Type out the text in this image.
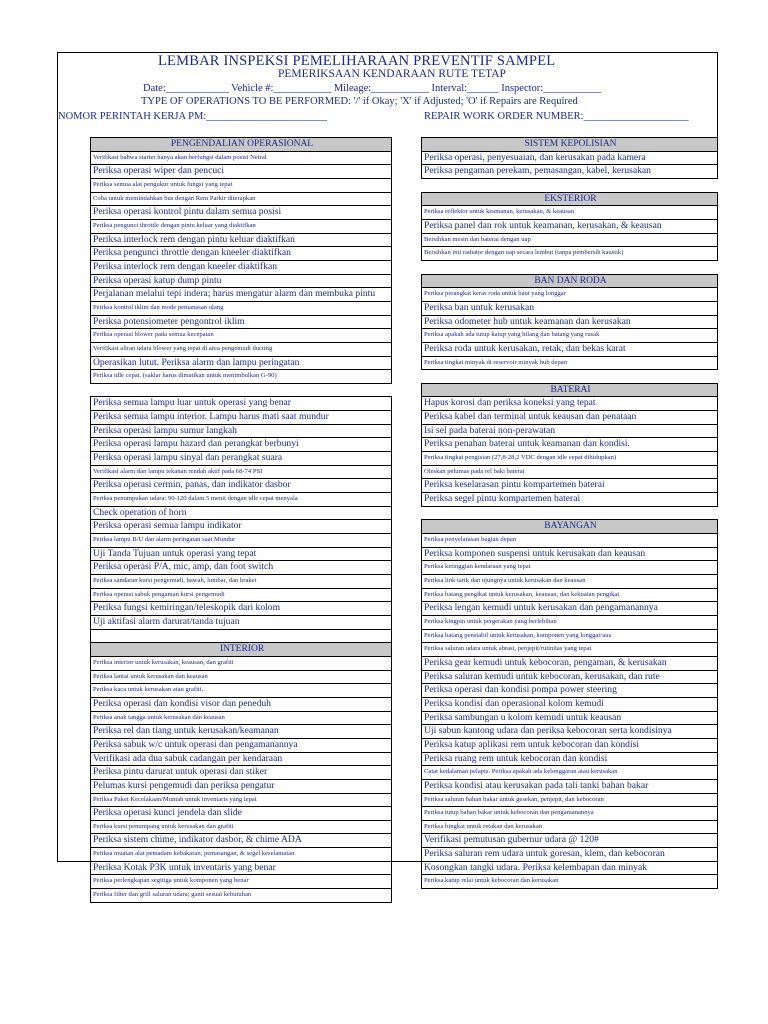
LEMBAR INSPEKSI PEMELIHARAAN PREVENTIF SAMPEL
PEMERIKSAAN KENDARAAN RUTE TETAP
Date:____________ Vehicle #:___________ Mileage:___________ Interval:______ Inspector:___________
TYPE OF OPERATIONS TO BE PERFORMED: '/' if Okay; 'X' if Adjusted; 'O' if Repairs are Required
NOMOR PERINTAH KERJA PM:_______________________	REPAIR WORK ORDER NUMBER:____________________
PENGENDALIAN OPERASIONAL
Verifikasi bahwa starter hanya akan berfungsi dalam posisi Netral
Periksa operasi wiper dan pencuci
Periksa semua alat pengukur untuk fungsi yang tepat
Coba untuk memindahkan bus dengan Rem Parkir diterapkan
Periksa operasi kontrol pintu dalam semua posisi
Periksa pengunci throttle dengan pintu keluar yang diaktifkan
Periksa interlock rem dengan pintu keluar diaktifkan
Periksa pengunci throttle dengan kneeler diaktifkan
Periksa interlock rem dengan kneeler diaktifkan
Periksa operasi katup dump pintu
Perjalanan melalui tepi indera; harus mengatur alarm dan membuka pintu
Periksa kontrol iklim dan mode pemanasan ulang
Periksa potensiometer pengontrol iklim
Periksa operasi blower pada semua kecepatan
Verifikasi aliran udara blower yang tepat di area pengemudi ducting
Operasikan lutut. Periksa alarm dan lampu peringatan
Periksa idle cepat. (saklar harus dimatikan untuk menimbulkan G-90)
Periksa semua lampu luar untuk operasi yang benar
Periksa semua lampu interior. Lampu harus mati saat mundur
Periksa operasi lampu sumur langkah
Periksa operasi lampu hazard dan perangkat berbunyi
Periksa operasi lampu sinyal dan perangkat suara
Verifikasi alarm dan lampu tekanan rendah aktif pada 68-74 PSI
Periksa operasi cermin, panas, dan indikator dasbor
Periksa penumpukan udara: 90-120 dalam 5 menit dengan idle cepat menyala
Check operation of horn
Periksa operasi semua lampu indikator
Periksa lampu B/U dan alarm peringatan saat Mundur
Uji Tanda Tujuan untuk operasi yang tepat
Periksa operasi P/A, mic, amp, dan foot switch
Periksa sandaran kursi pengemudi, bawah, lumbar, dan braket
Periksa operasi sabuk pengaman kursi pengemudi
Periksa fungsi kemiringan/teleskopik dari kolom
Uji aktifasi alarm darurat/tanda tujuan
INTERIOR
Periksa interior untuk kerusakan, keausan, dan grafiti
Periksa lantai untuk kerusakan dan keausan
Periksa kaca untuk kerusakan atau grafiti.
Periksa operasi dan kondisi visor dan peneduh
Periksa anak tangga untuk kerusakan dan keausan
Periksa rel dan tiang untuk kerusakan/keamanan
Periksa sabuk w/c untuk operasi dan pengamanannya
Verifikasi ada dua sabuk cadangan per kendaraan
Periksa pintu darurat untuk operasi dan stiker
Pelumas kursi pengemudi dan periksa pengatur
Periksa Paket Kecelakaan/Muntah untuk inventaris yang tepat
Periksa operasi kunci jendela dan slide
Periksa kursi penumpang untuk kerusakan dan grafiti
Periksa sistem chime, indikator dasbor, & chime ADA
Periksa muatan alat pemadam kebakaran, pemasangan, & segel keselamatan
Periksa Kotak P3K untuk inventaris yang benar
Periksa perlengkapan segitiga untuk komponen yang benar
Periksa filter dan grill saluran udara; ganti sesuai kebutuhan
SISTEM KEPOLISIAN
Periksa operasi, penyesuaian, dan kerusakan pada kamera
Periksa pengaman perekam, pemasangan, kabel, kerusakan
EKSTERIOR
Periksa reflektor untuk keamanan, kerusakan, & keausan
Periksa panel dan rok untuk keamanan, kerusakan, & keausan
Bersihkan mesin dan baterai dengan uap
Bersihkan inti radiator dengan uap secara lembut (tanpa pembersih kaustik)
BAN DAN RODA
Periksa perangkat keras roda untuk baut yang longgar
Periksa ban untuk kerusakan
Periksa odometer hub untuk keamanan dan kerusakan
Periksa apakah ada tutup katup yang hilang dan batang yang rusak
Periksa roda untuk kerusakan, retak, dan bekas karat
Periksa tingkat minyak di reservoir minyak hub depan
BATERAI
Hapus korosi dan periksa koneksi yang tepat
Periksa kabel dan terminal untuk keausan dan penataan
Isi sel pada baterai non-perawatan
Periksa penahan baterai untuk keamanan dan kondisi.
Periksa tingkat pengisian (27,8-28,2 VDC dengan idle cepat dihidupkan)
Oleskan pelumas pada rel baki baterai
Periksa keselarasan pintu kompartemen baterai
Periksa segel pintu kompartemen baterai
BAYANGAN
Periksa penyelarasan bagian depan
Periksa komponen suspensi untuk kerusakan dan keausan
Periksa ketinggian kendaraan yang tepat
Periksa link tarik dan ujungnya untuk kerusakan dan keausan
Periksa batang pengikat untuk kerusakan, keausan, dan kekuatan pengikat
Periksa lengan kemudi untuk kerusakan dan pengamanannya
Periksa kingpin untuk pergerakan yang berlebihan
Periksa batang penstabil untuk kerusakan, komponen yang longgar/aus
Periksa saluran udara untuk abrasi, penjepit/rutinitas yang tepat
Periksa gear kemudi untuk kebocoran, pengaman, & kerusakan
Periksa saluran kemudi untuk kebocoran, kerusakan, dan rute
Periksa operasi dan kondisi pompa power steering
Periksa kondisi dan operasional kolom kemudi
Periksa sambungan u kolom kemudi untuk keausan
Uji sabun kantong udara dan periksa kebocoran serta kondisinya
Periksa katup aplikasi rem untuk kebocoran dan kondisi
Periksa ruang rem untuk kebocoran dan kondisi
Catat kedalaman pelapis. Periksa apakah ada kelonggaran atau kerusakan
Periksa kondisi atau kerusakan pada tali tanki bahan bakar
Periksa saluran bahan bakar untuk gesekan, penjepit, dan kebocoran
Periksa tutup bahan bakar untuk kebocoran dan pengamanannya
Periksa bingkai untuk retakan dan kerusakan
Verifikasi pemutusan gubernur udara @ 120#
Periksa saluran rem udara untuk goresan, klem, dan kebocoran
Kosongkan tangki udara. Periksa kelembapan dan minyak
Periksa katup relai untuk kebocoran dan kerusakan
